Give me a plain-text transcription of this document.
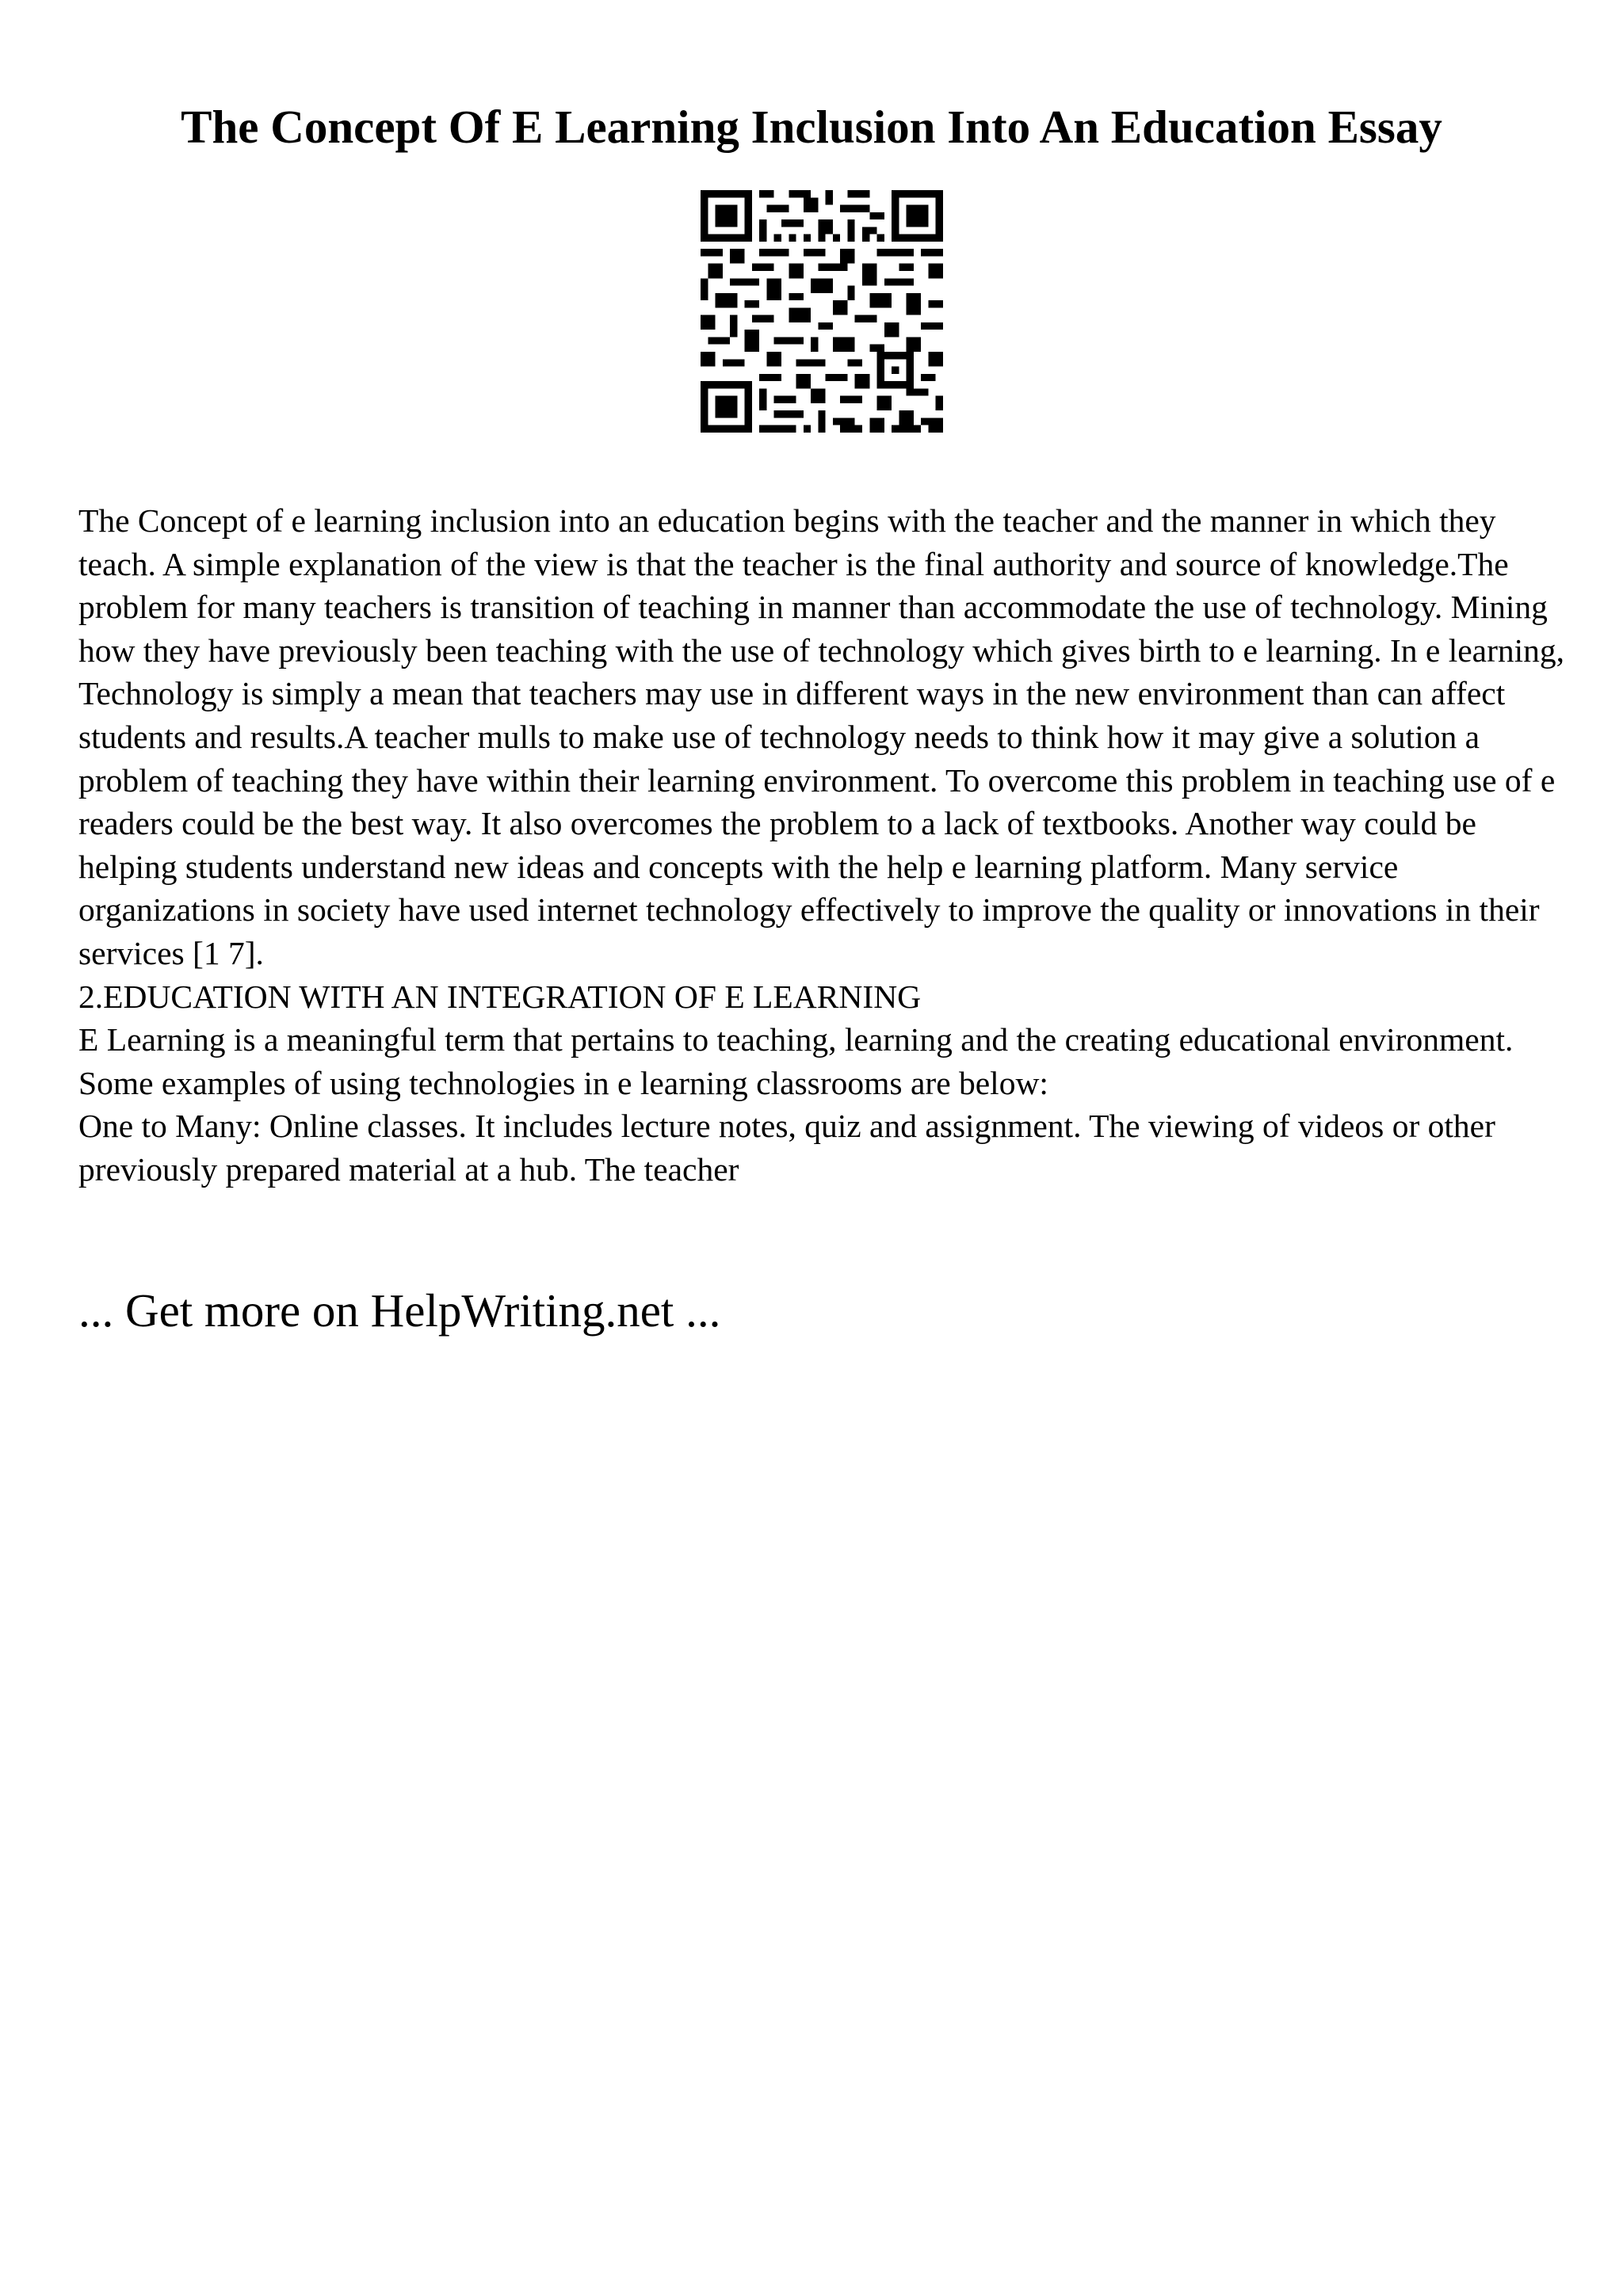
The Concept Of E Learning Inclusion Into An Education Essay

The Concept of e learning inclusion into an education begins with the teacher and the manner in which they teach. A simple explanation of the view is that the teacher is the final authority and source of knowledge.The problem for many teachers is transition of teaching in manner than accommodate the use of technology. Mining how they have previously been teaching with the use of technology which gives birth to e learning. In e learning, Technology is simply a mean that teachers may use in different ways in the new environment than can affect students and results.A teacher mulls to make use of technology needs to think how it may give a solution a problem of teaching they have within their learning environment. To overcome this problem in teaching use of e readers could be the best way. It also overcomes the problem to a lack of textbooks. Another way could be helping students understand new ideas and concepts with the help e learning platform. Many service organizations in society have used internet technology effectively to improve the quality or innovations in their services [1 7].

2.EDUCATION WITH AN INTEGRATION OF E LEARNING

E Learning is a meaningful term that pertains to teaching, learning and the creating educational environment. Some examples of using technologies in e learning classrooms are below:

One to Many: Online classes. It includes lecture notes, quiz and assignment. The viewing of videos or other previously prepared material at a hub. The teacher

... Get more on HelpWriting.net ...
